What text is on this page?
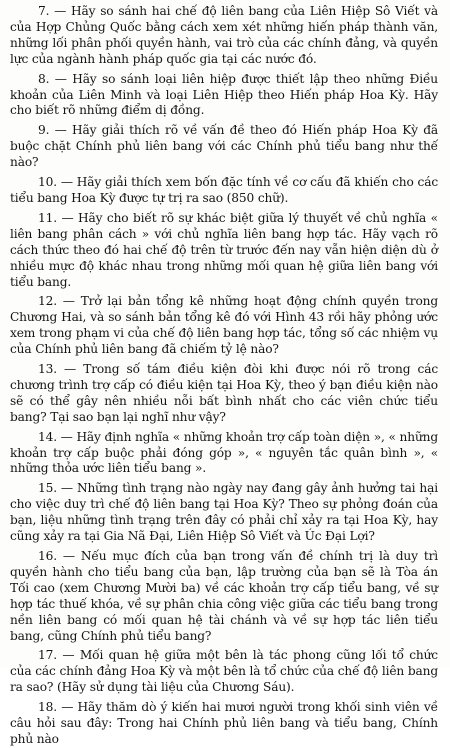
7. — Hãy so sánh hai chế độ liên bang của Liên Hiệp Sô Viết và của Hợp Chủng Quốc bằng cách xem xét những hiến pháp thành văn, những lối phân phối quyền hành, vai trò của các chính đảng, và quyền lực của ngành hành pháp quốc gia tại các nước đó.

8. — Hãy so sánh loại liên hiệp được thiết lập theo những Điều khoản của Liên Minh và loại Liên Hiệp theo Hiến pháp Hoa Kỳ. Hãy cho biết rõ những điểm dị đồng.

9. — Hãy giải thích rõ về vấn đề theo đó Hiến pháp Hoa Kỳ đã buộc chặt Chính phủ liên bang với các Chính phủ tiểu bang như thế nào?

10. — Hãy giải thích xem bốn đặc tính về cơ cấu đã khiến cho các tiểu bang Hoa Kỳ được tự trị ra sao (850 chữ).

11. — Hãy cho biết rõ sự khác biệt giữa lý thuyết về chủ nghĩa « liên bang phân cách » với chủ nghĩa liên bang hợp tác. Hãy vạch rõ cách thức theo đó hai chế độ trên từ trước đến nay vẫn hiện diện dù ở nhiều mực độ khác nhau trong những mối quan hệ giữa liên bang với tiểu bang.

12. — Trở lại bản tổng kê những hoạt động chính quyền trong Chương Hai, và so sánh bản tổng kê đó với Hình 43 rồi hãy phỏng ước xem trong phạm vi của chế độ liên bang hợp tác, tổng số các nhiệm vụ của Chính phủ liên bang đã chiếm tỷ lệ nào?

13. — Trong số tám điều kiện đòi khi được nói rõ trong các chương trình trợ cấp có điều kiện tại Hoa Kỳ, theo ý bạn điều kiện nào sẽ có thể gây nên nhiều nỗi bất bình nhất cho các viên chức tiểu bang? Tại sao bạn lại nghĩ như vậy?

14. — Hãy định nghĩa « những khoản trợ cấp toàn diện », « những khoản trợ cấp buộc phải đóng góp », « nguyên tắc quân bình », « những thỏa ước liên tiểu bang ».

15. — Những tình trạng nào ngày nay đang gây ảnh hưởng tai hại cho việc duy trì chế độ liên bang tại Hoa Kỳ? Theo sự phỏng đoán của bạn, liệu những tình trạng trên đây có phải chỉ xảy ra tại Hoa Kỳ, hay cũng xảy ra tại Gia Nã Đại, Liên Hiệp Sô Viết và Úc Đại Lợi?

16. — Nếu mục đích của bạn trong vấn đề chính trị là duy trì quyền hành cho tiểu bang của bạn, lập trường của bạn sẽ là Tòa án Tối cao (xem Chương Mười ba) về các khoản trợ cấp tiểu bang, về sự hợp tác thuế khóa, về sự phân chia công việc giữa các tiểu bang trong nền liên bang có mối quan hệ tài chánh và về sự hợp tác liên tiểu bang, cũng Chính phủ tiểu bang?

17. — Mối quan hệ giữa một bên là tác phong cũng lối tổ chức của các chính đảng Hoa Kỳ và một bên là tổ chức của chế độ liên bang ra sao? (Hãy sử dụng tài liệu của Chương Sáu).

18. — Hãy thăm dò ý kiến hai mươi người trong khối sinh viên về câu hỏi sau đây: Trong hai Chính phủ liên bang và tiểu bang, Chính phủ nào
